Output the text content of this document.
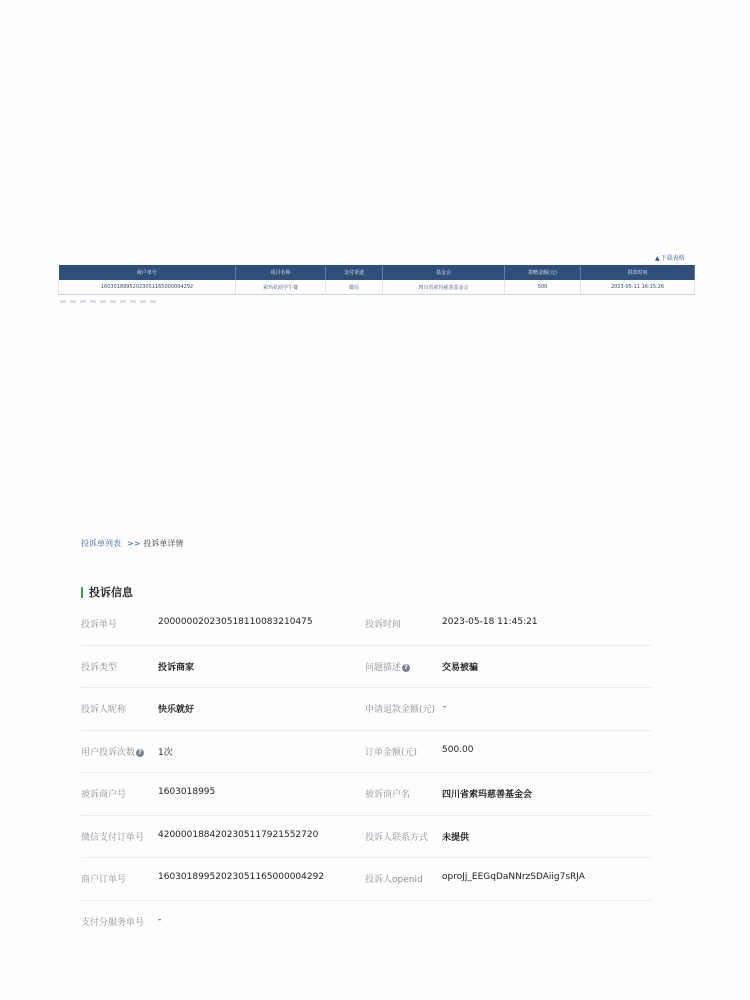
▲下载表格
商户单号	项目名称	支付渠道	基金会	捐赠金额(元)	捐款时间
16030189952023051165000004292	索玛花助学午餐	微信	四川省索玛慈善基金会	500	2023-05-11 16:15:26
投诉单列表 >> 投诉单详情
投诉信息
投诉单号	200000020230518110083210475	投诉时间	2023-05-18 11:45:21
投诉类型	投诉商家	问题描述 ?	交易被骗
投诉人昵称	快乐就好	申请退款金额(元) -
用户投诉次数 ? 1次	订单金额(元)	500.00
被诉商户号	1603018995	被诉商户名	四川省索玛慈善基金会
微信支付订单号 4200001884202305117921552720	投诉人联系方式 未提供
商户订单号	16030189952023051165000004292	投诉人openid oproJj_EEGqDaNNrzSDAiig7sRJA
支付分服务单号 -
